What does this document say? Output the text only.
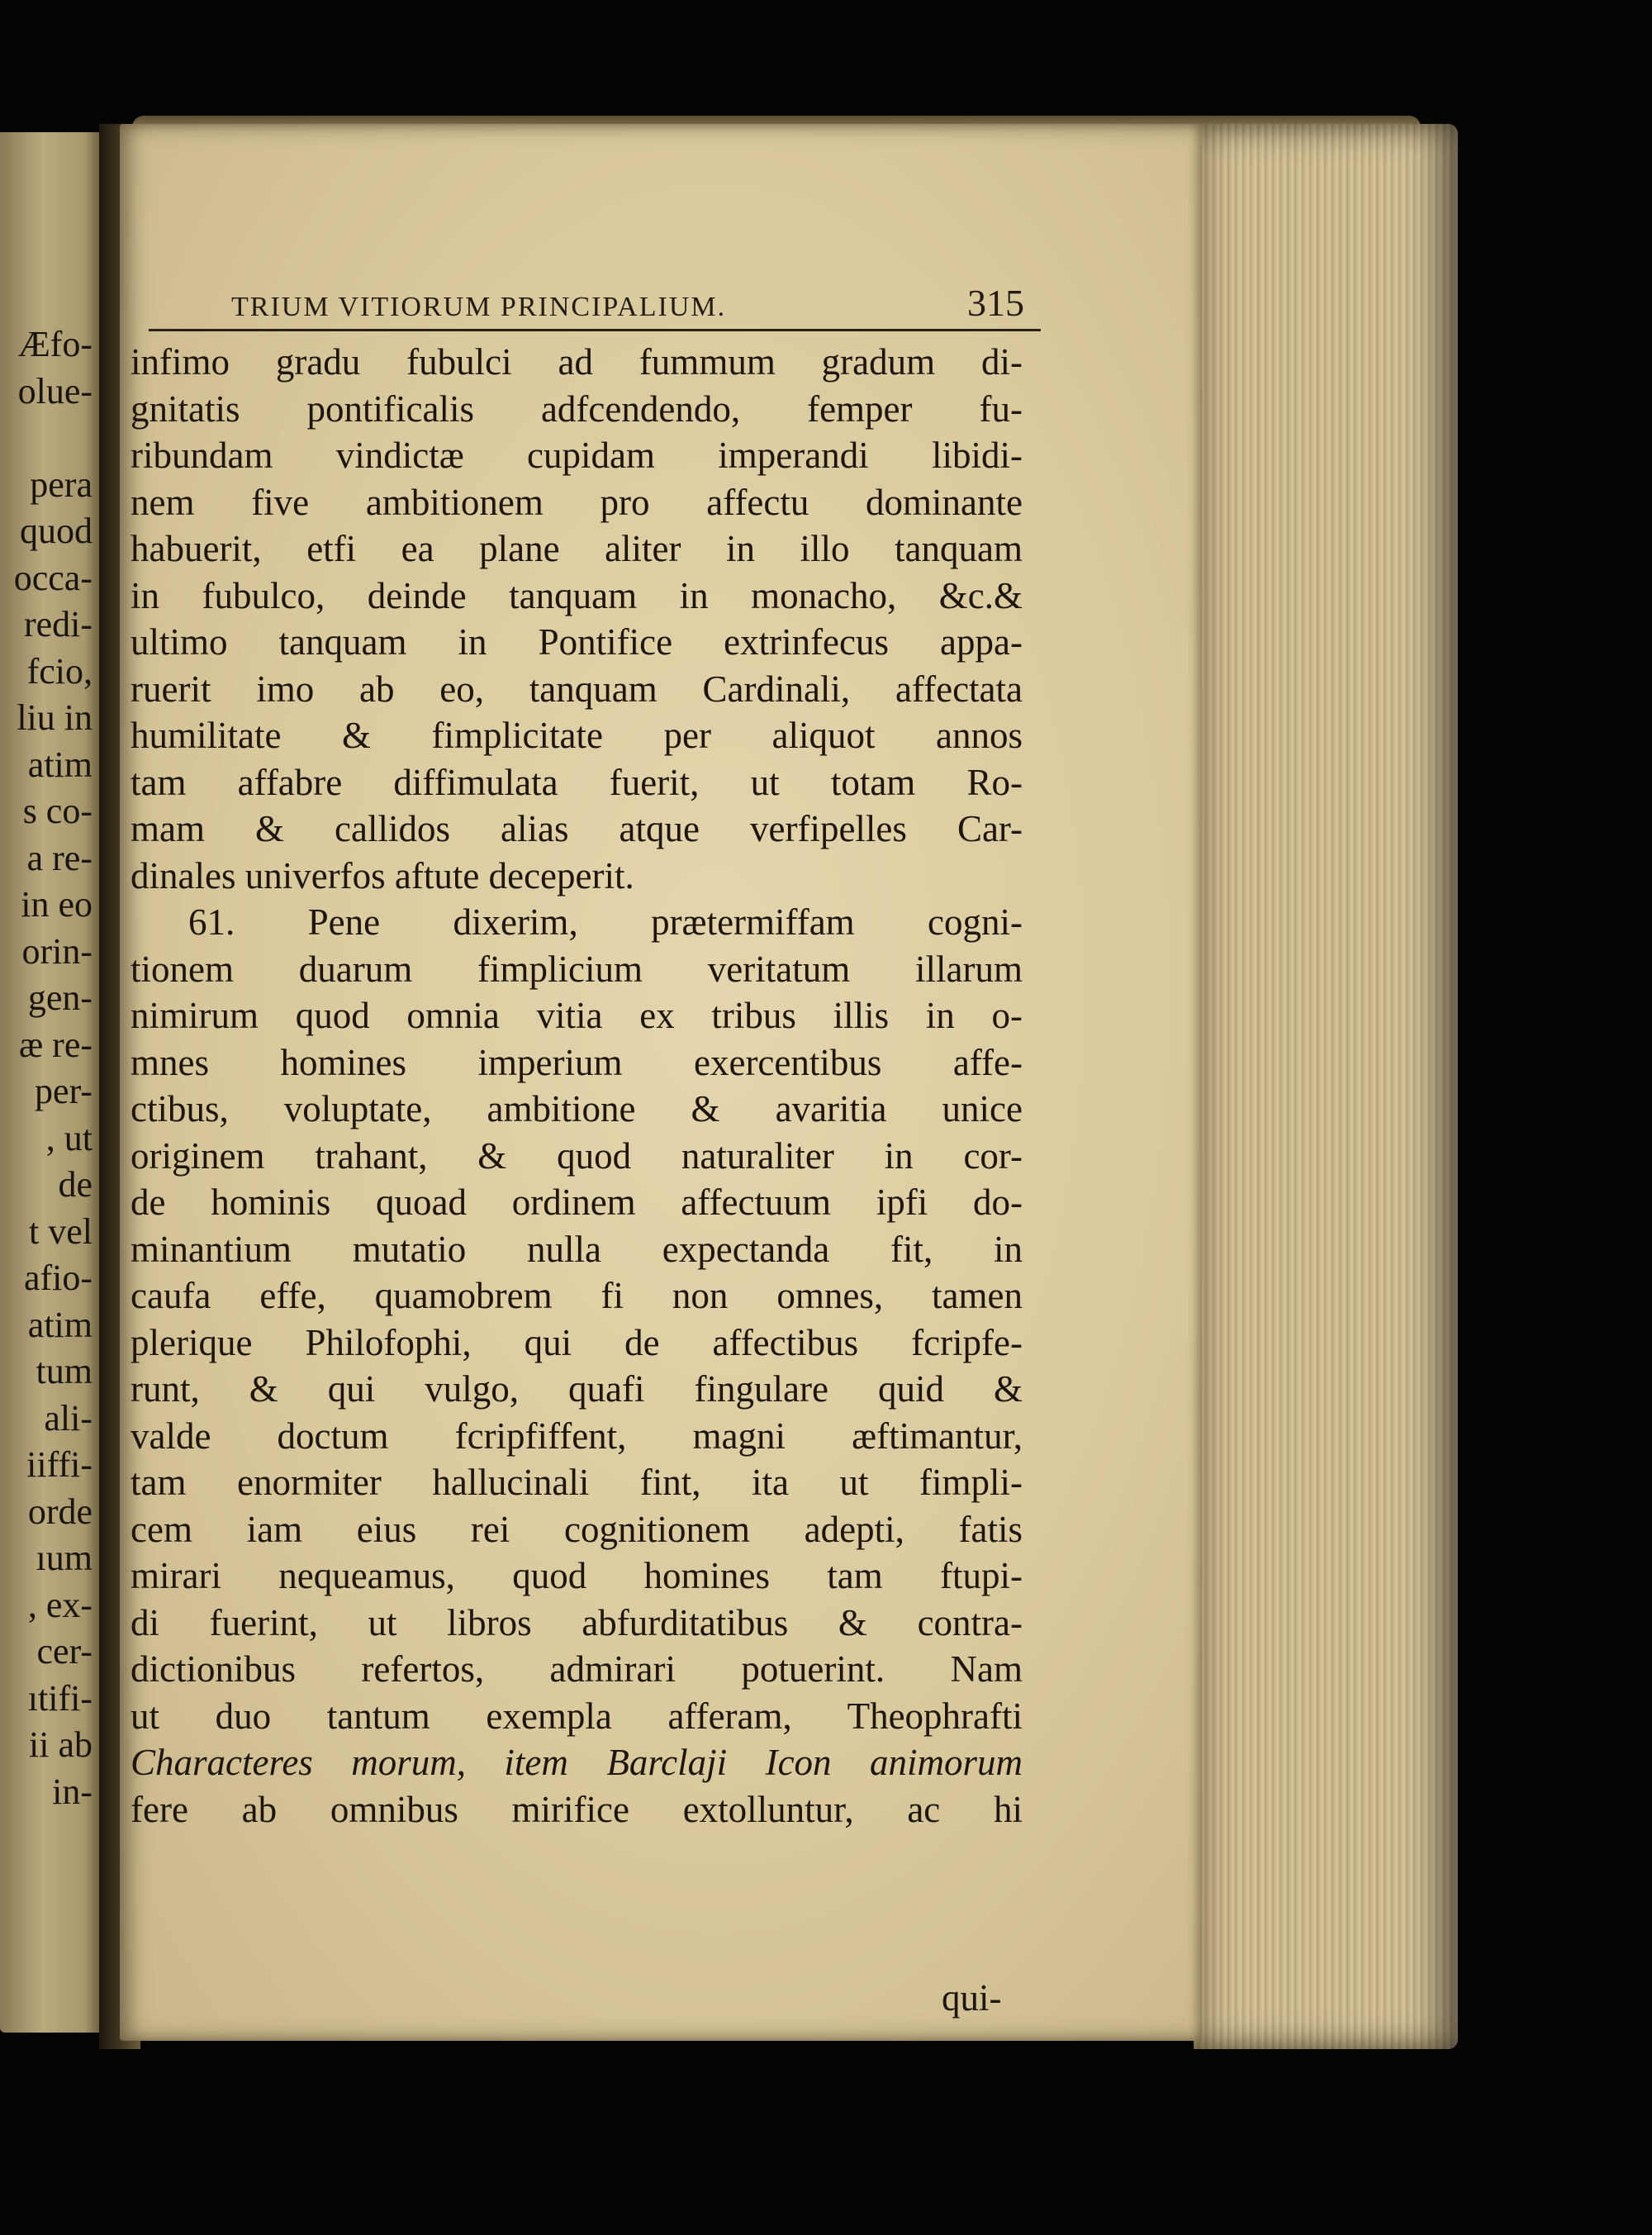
Æfo-
olue-
pera
quod
occa-
redi-
fcio,
liu in
atim
s co-
a re-
in eo
orin-
gen-
æ re-
per-
, ut
de
t vel
afio-
atim
tum
ali-
iiffi-
orde
ıum
, ex-
cer-
ıtifi-
ii ab
in-
TRIUM VITIORUM PRINCIPALIUM.	315
infimo gradu fubulci ad fummum gradum di-
gnitatis pontificalis adfcendendo, femper fu-
ribundam vindictæ cupidam imperandi libidi-
nem five ambitionem pro affectu dominante
habuerit, etfi ea plane aliter in illo tanquam
in fubulco, deinde tanquam in monacho, &c.&
ultimo tanquam in Pontifice extrinfecus appa-
ruerit imo ab eo, tanquam Cardinali, affectata
humilitate & fimplicitate per aliquot annos
tam affabre diffimulata fuerit, ut totam Ro-
mam & callidos alias atque verfipelles Car-
dinales univerfos aftute deceperit.
61. Pene dixerim, prætermiffam cogni-
tionem duarum fimplicium veritatum illarum
nimirum quod omnia vitia ex tribus illis in o-
mnes homines imperium exercentibus affe-
ctibus, voluptate, ambitione & avaritia unice
originem trahant, & quod naturaliter in cor-
de hominis quoad ordinem affectuum ipfi do-
minantium mutatio nulla expectanda fit, in
caufa effe, quamobrem fi non omnes, tamen
plerique Philofophi, qui de affectibus fcripfe-
runt, & qui vulgo, quafi fingulare quid &
valde doctum fcripfiffent, magni æftimantur,
tam enormiter hallucinali fint, ita ut fimpli-
cem iam eius rei cognitionem adepti, fatis
mirari nequeamus, quod homines tam ftupi-
di fuerint, ut libros abfurditatibus & contra-
dictionibus refertos, admirari potuerint. Nam
ut duo tantum exempla afferam, Theophrafti
Characteres morum, item Barclaji Icon animorum
fere ab omnibus mirifice extolluntur, ac hi
qui-
